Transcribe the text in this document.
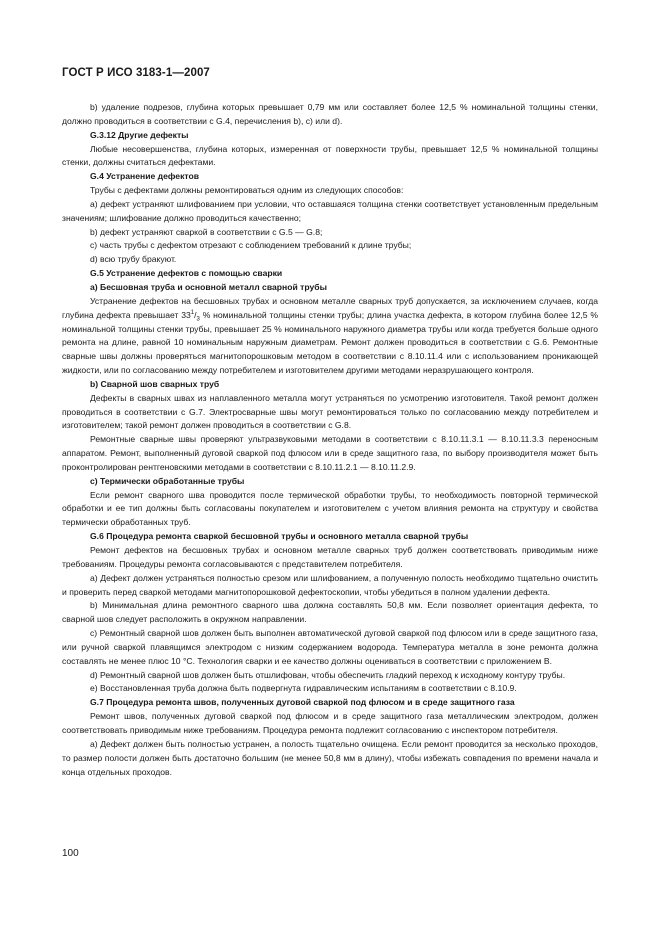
ГОСТ Р ИСО 3183-1—2007

b) удаление подрезов, глубина которых превышает 0,79 мм или составляет более 12,5 % номинальной толщины стенки, должно проводиться в соответствии с G.4, перечисления b), c) или d).

G.3.12 Другие дефекты

Любые несовершенства, глубина которых, измеренная от поверхности трубы, превышает 12,5 % номинальной толщины стенки, должны считаться дефектами.

G.4 Устранение дефектов

Трубы с дефектами должны ремонтироваться одним из следующих способов:

a) дефект устраняют шлифованием при условии, что оставшаяся толщина стенки соответствует установленным предельным значениям; шлифование должно проводиться качественно;

b) дефект устраняют сваркой в соответствии с G.5 — G.8;

c) часть трубы с дефектом отрезают с соблюдением требований к длине трубы;

d) всю трубу бракуют.

G.5 Устранение дефектов с помощью сварки

a) Бесшовная труба и основной металл сварной трубы

Устранение дефектов на бесшовных трубах и основном металле сварных труб допускается, за исключением случаев, когда глубина дефекта превышает $33^1/_3$ % номинальной толщины стенки трубы; длина участка дефекта, в котором глубина более 12,5 % номинальной толщины стенки трубы, превышает 25 % номинального наружного диаметра трубы или когда требуется больше одного ремонта на длине, равной 10 номинальным наружным диаметрам. Ремонт должен проводиться в соответствии с G.6. Ремонтные сварные швы должны проверяться магнитопорошковым методом в соответствии с 8.10.11.4 или с использованием проникающей жидкости, или по согласованию между потребителем и изготовителем другими методами неразрушающего контроля.

b) Сварной шов сварных труб

Дефекты в сварных швах из наплавленного металла могут устраняться по усмотрению изготовителя. Такой ремонт должен проводиться в соответствии с G.7. Электросварные швы могут ремонтироваться только по согласованию между потребителем и изготовителем; такой ремонт должен проводиться в соответствии с G.8.

Ремонтные сварные швы проверяют ультразвуковыми методами в соответствии с 8.10.11.3.1 — 8.10.11.3.3 переносным аппаратом. Ремонт, выполненный дуговой сваркой под флюсом или в среде защитного газа, по выбору производителя может быть проконтролирован рентгеновскими методами в соответствии с 8.10.11.2.1 — 8.10.11.2.9.

c) Термически обработанные трубы

Если ремонт сварного шва проводится после термической обработки трубы, то необходимость повторной термической обработки и ее тип должны быть согласованы покупателем и изготовителем с учетом влияния ремонта на структуру и свойства термически обработанных труб.

G.6 Процедура ремонта сваркой бесшовной трубы и основного металла сварной трубы

Ремонт дефектов на бесшовных трубах и основном металле сварных труб должен соответствовать приводимым ниже требованиям. Процедуры ремонта согласовываются с представителем потребителя.

a) Дефект должен устраняться полностью срезом или шлифованием, а полученную полость необходимо тщательно очистить и проверить перед сваркой методами магнитопорошковой дефектоскопии, чтобы убедиться в полном удалении дефекта.

b) Минимальная длина ремонтного сварного шва должна составлять 50,8 мм. Если позволяет ориентация дефекта, то сварной шов следует расположить в окружном направлении.

c) Ремонтный сварной шов должен быть выполнен автоматической дуговой сваркой под флюсом или в среде защитного газа, или ручной сваркой плавящимся электродом с низким содержанием водорода. Температура металла в зоне ремонта должна составлять не менее плюс 10 °C. Технология сварки и ее качество должны оцениваться в соответствии с приложением B.

d) Ремонтный сварной шов должен быть отшлифован, чтобы обеспечить гладкий переход к исходному контуру трубы.

e) Восстановленная труба должна быть подвергнута гидравлическим испытаниям в соответствии с 8.10.9.

G.7 Процедура ремонта швов, полученных дуговой сваркой под флюсом и в среде защитного газа

Ремонт швов, полученных дуговой сваркой под флюсом и в среде защитного газа металлическим электродом, должен соответствовать приводимым ниже требованиям. Процедура ремонта подлежит согласованию с инспектором потребителя.

a) Дефект должен быть полностью устранен, а полость тщательно очищена. Если ремонт проводится за несколько проходов, то размер полости должен быть достаточно большим (не менее 50,8 мм в длину), чтобы избежать совпадения по времени начала и конца отдельных проходов.

100
